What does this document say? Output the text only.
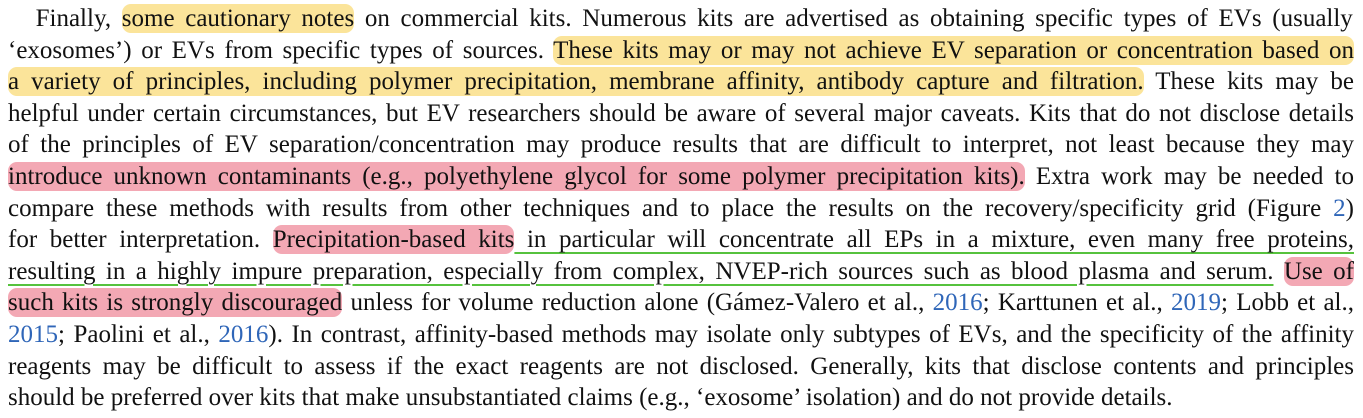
Finally, some cautionary notes on commercial kits. Numerous kits are advertised as obtaining specific types of EVs (usually
‘exosomes’) or EVs from specific types of sources. These kits may or may not achieve EV separation or concentration based on
a variety of principles, including polymer precipitation, membrane affinity, antibody capture and filtration. These kits may be
helpful under certain circumstances, but EV researchers should be aware of several major caveats. Kits that do not disclose details
of the principles of EV separation/concentration may produce results that are difficult to interpret, not least because they may
introduce unknown contaminants (e.g., polyethylene glycol for some polymer precipitation kits). Extra work may be needed to
compare these methods with results from other techniques and to place the results on the recovery/specificity grid (Figure 2)
for better interpretation. Precipitation-based kits in particular will concentrate all EPs in a mixture, even many free proteins,
resulting in a highly impure preparation, especially from complex, NVEP-rich sources such as blood plasma and serum. Use of
such kits is strongly discouraged unless for volume reduction alone (Gámez-Valero et al., 2016; Karttunen et al., 2019; Lobb et al.,
2015; Paolini et al., 2016). In contrast, affinity-based methods may isolate only subtypes of EVs, and the specificity of the affinity
reagents may be difficult to assess if the exact reagents are not disclosed. Generally, kits that disclose contents and principles
should be preferred over kits that make unsubstantiated claims (e.g., ‘exosome’ isolation) and do not provide details.
